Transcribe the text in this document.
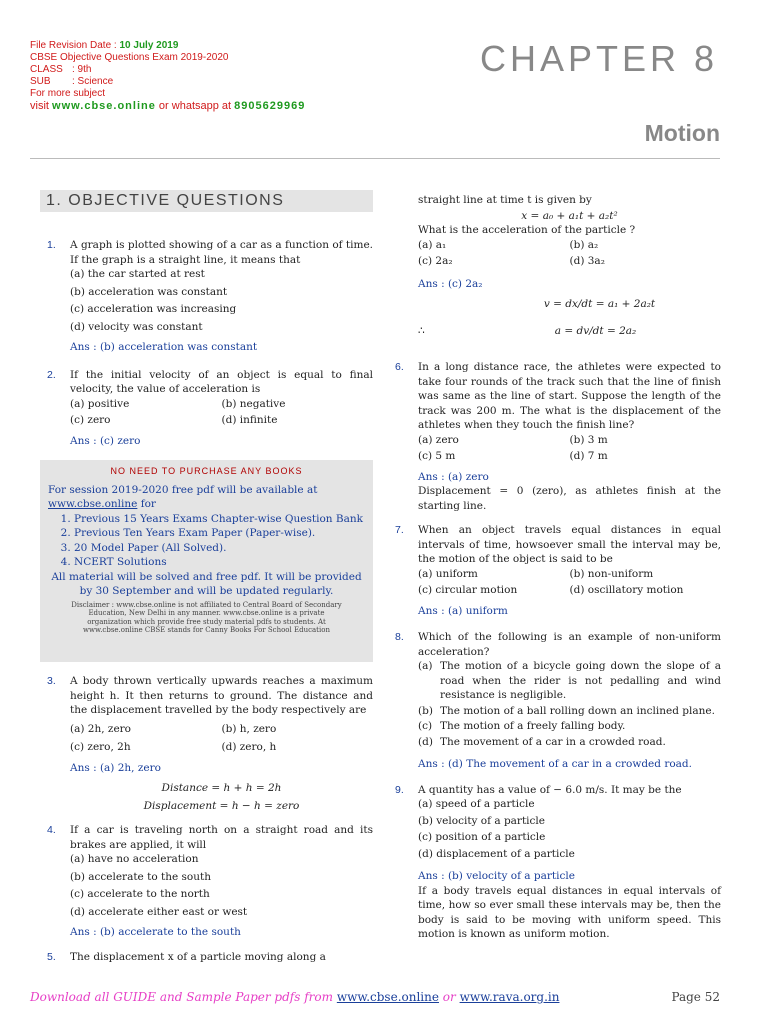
File Revision Date : 10 July 2019
CBSE Objective Questions Exam 2019-2020
CLASS : 9th
SUB : Science
For more subject
visit www.cbse.online or whatsapp at 8905629969
CHAPTER 8
Motion
1. OBJECTIVE QUESTIONS
1. A graph is plotted showing of a car as a function of time. If the graph is a straight line, it means that

(a) the car started at rest
(b) acceleration was constant
(c) acceleration was increasing
(d) velocity was constant
Ans : (b) acceleration was constant
2. If the initial velocity of an object is equal to final velocity, the value of acceleration is

(a) positive	(b) negative
(c) zero	(d) infinite
Ans : (c) zero
NO NEED TO PURCHASE ANY BOOKS
For session 2019-2020 free pdf will be available at
www.cbse.online for
1. Previous 15 Years Exams Chapter-wise Question Bank
2. Previous Ten Years Exam Paper (Paper-wise).
3. 20 Model Paper (All Solved).
4. NCERT Solutions
All material will be solved and free pdf. It will be provided by 30 September and will be updated regularly.
Disclaimer : www.cbse.online is not affiliated to Central Board of Secondary Education, New Delhi in any manner. www.cbse.online is a private organization which provide free study material pdfs to students. At www.cbse.online CBSE stands for Canny Books For School Education
3. A body thrown vertically upwards reaches a maximum height h. It then returns to ground. The distance and the displacement travelled by the body respectively are

(a) 2h, zero	(b) h, zero
(c) zero, 2h	(d) zero, h
Ans : (a) 2h, zero
Distance = h + h = 2h
Displacement = h − h = zero
4. If a car is traveling north on a straight road and its brakes are applied, it will

(a) have no acceleration
(b) accelerate to the south
(c) accelerate to the north
(d) accelerate either east or west
Ans : (b) accelerate to the south
5. The displacement x of a particle moving along a

straight line at time t is given by

x = a₀ + a₁t + a₂t²

What is the acceleration of the particle ?

(a) a₁	(b) a₂
(c) 2a₂	(d) 3a₂
Ans : (c) 2a₂
v = dx/dt = a₁ + 2a₂t
∴	a = dv/dt = 2a₂
6. In a long distance race, the athletes were expected to take four rounds of the track such that the line of finish was same as the line of start. Suppose the length of the track was 200 m. The what is the displacement of the athletes when they touch the finish line?

(a) zero	(b) 3 m
(c) 5 m	(d) 7 m
Ans : (a) zero

Displacement = 0 (zero), as athletes finish at the starting line.

7. When an object travels equal distances in equal intervals of time, howsoever small the interval may be, the motion of the object is said to be

(a) uniform	(b) non-uniform
(c) circular motion	(d) oscillatory motion
Ans : (a) uniform
8. Which of the following is an example of non-uniform acceleration?

(a) The motion of a bicycle going down the slope of a road when the rider is not pedalling and wind resistance is negligible.

(b) The motion of a ball rolling down an inclined plane.

(c) The motion of a freely falling body.

(d) The movement of a car in a crowded road.

Ans : (d) The movement of a car in a crowded road.
9. A quantity has a value of − 6.0 m/s. It may be the

(a) speed of a particle
(b) velocity of a particle
(c) position of a particle
(d) displacement of a particle
Ans : (b) velocity of a particle

If a body travels equal distances in equal intervals of time, how so ever small these intervals may be, then the body is said to be moving with uniform speed. This motion is known as uniform motion.

Download all GUIDE and Sample Paper pdfs from www.cbse.online or www.rava.org.in	Page 52
